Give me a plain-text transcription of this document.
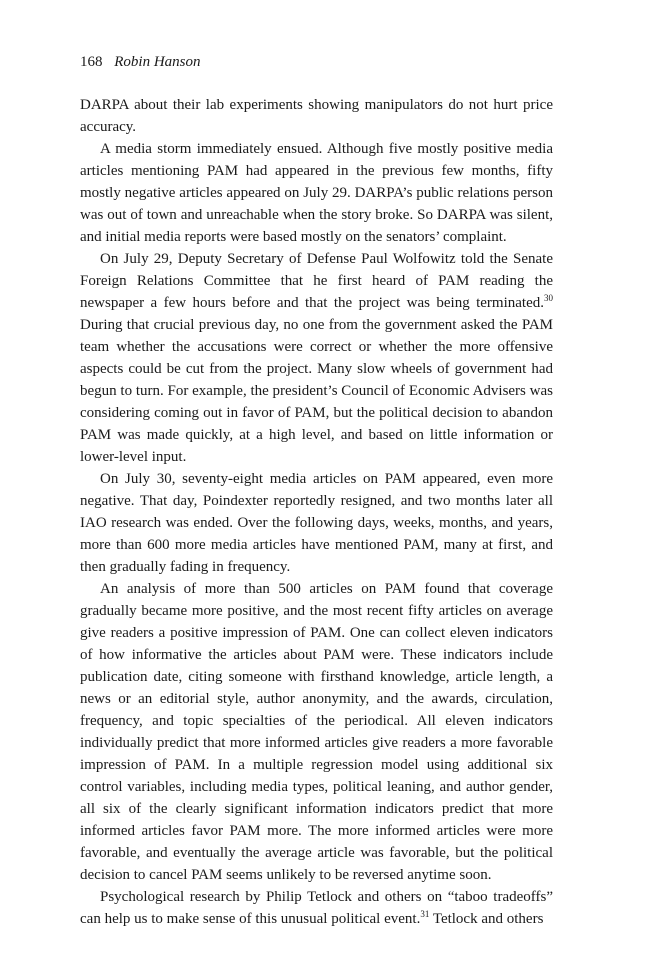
168 Robin Hanson

DARPA about their lab experiments showing manipulators do not hurt price accuracy.

A media storm immediately ensued. Although five mostly positive media articles mentioning PAM had appeared in the previous few months, fifty mostly negative articles appeared on July 29. DARPA’s public relations person was out of town and unreachable when the story broke. So DARPA was silent, and initial media reports were based mostly on the senators’ complaint.

On July 29, Deputy Secretary of Defense Paul Wolfowitz told the Senate Foreign Relations Committee that he first heard of PAM reading the newspaper a few hours before and that the project was being terminated.$^{30}$ During that crucial previous day, no one from the government asked the PAM team whether the accusations were correct or whether the more offensive aspects could be cut from the project. Many slow wheels of government had begun to turn. For example, the president’s Council of Economic Advisers was considering coming out in favor of PAM, but the political decision to abandon PAM was made quickly, at a high level, and based on little information or lower-level input.

On July 30, seventy-eight media articles on PAM appeared, even more negative. That day, Poindexter reportedly resigned, and two months later all IAO research was ended. Over the following days, weeks, months, and years, more than 600 more media articles have mentioned PAM, many at first, and then gradually fading in frequency.

An analysis of more than 500 articles on PAM found that coverage gradually became more positive, and the most recent fifty articles on average give readers a positive impression of PAM. One can collect eleven indicators of how informative the articles about PAM were. These indicators include publication date, citing someone with firsthand knowledge, article length, a news or an editorial style, author anonymity, and the awards, circulation, frequency, and topic specialties of the periodical. All eleven indicators individually predict that more informed articles give readers a more favorable impression of PAM. In a multiple regression model using additional six control variables, including media types, political leaning, and author gender, all six of the clearly significant information indicators predict that more informed articles favor PAM more. The more informed articles were more favorable, and eventually the average article was favorable, but the political decision to cancel PAM seems unlikely to be reversed anytime soon.

Psychological research by Philip Tetlock and others on “taboo tradeoffs” can help us to make sense of this unusual political event.$^{31}$ Tetlock and others
